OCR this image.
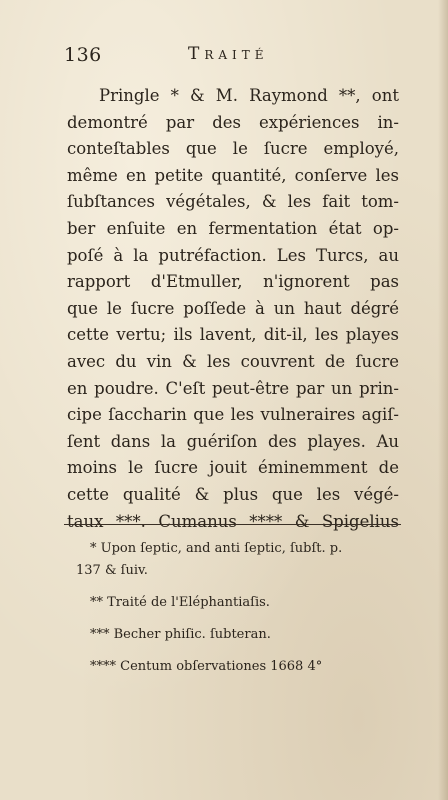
136	Traité
Pringle * & M. Raymond **, ont
demontré par des expériences in-
conteſtables que le ſucre employé,
même en petite quantité, conſerve les
ſubſtances végétales, & les fait tom-
ber enſuite en fermentation état op-
poſé à la putréfaction. Les Turcs, au
rapport d'Etmuller, n'ignorent pas
que le ſucre poſſede à un haut dégré
cette vertu; ils lavent, dit-il, les playes
avec du vin & les couvrent de ſucre
en poudre. C'eſt peut-être par un prin-
cipe ſaccharin que les vulneraires agiſ-
ſent dans la guériſon des playes. Au
moins le ſucre jouit éminemment de
cette qualité & plus que les végé-
taux ***. Cumanus **** & Spigelius
* Upon ſeptic, and anti ſeptic, ſubſt. p.
137 & ſuiv.
** Traité de l'Eléphantiaſis.
*** Becher phiſic. ſubteran.
**** Centum obſervationes 1668 4°
